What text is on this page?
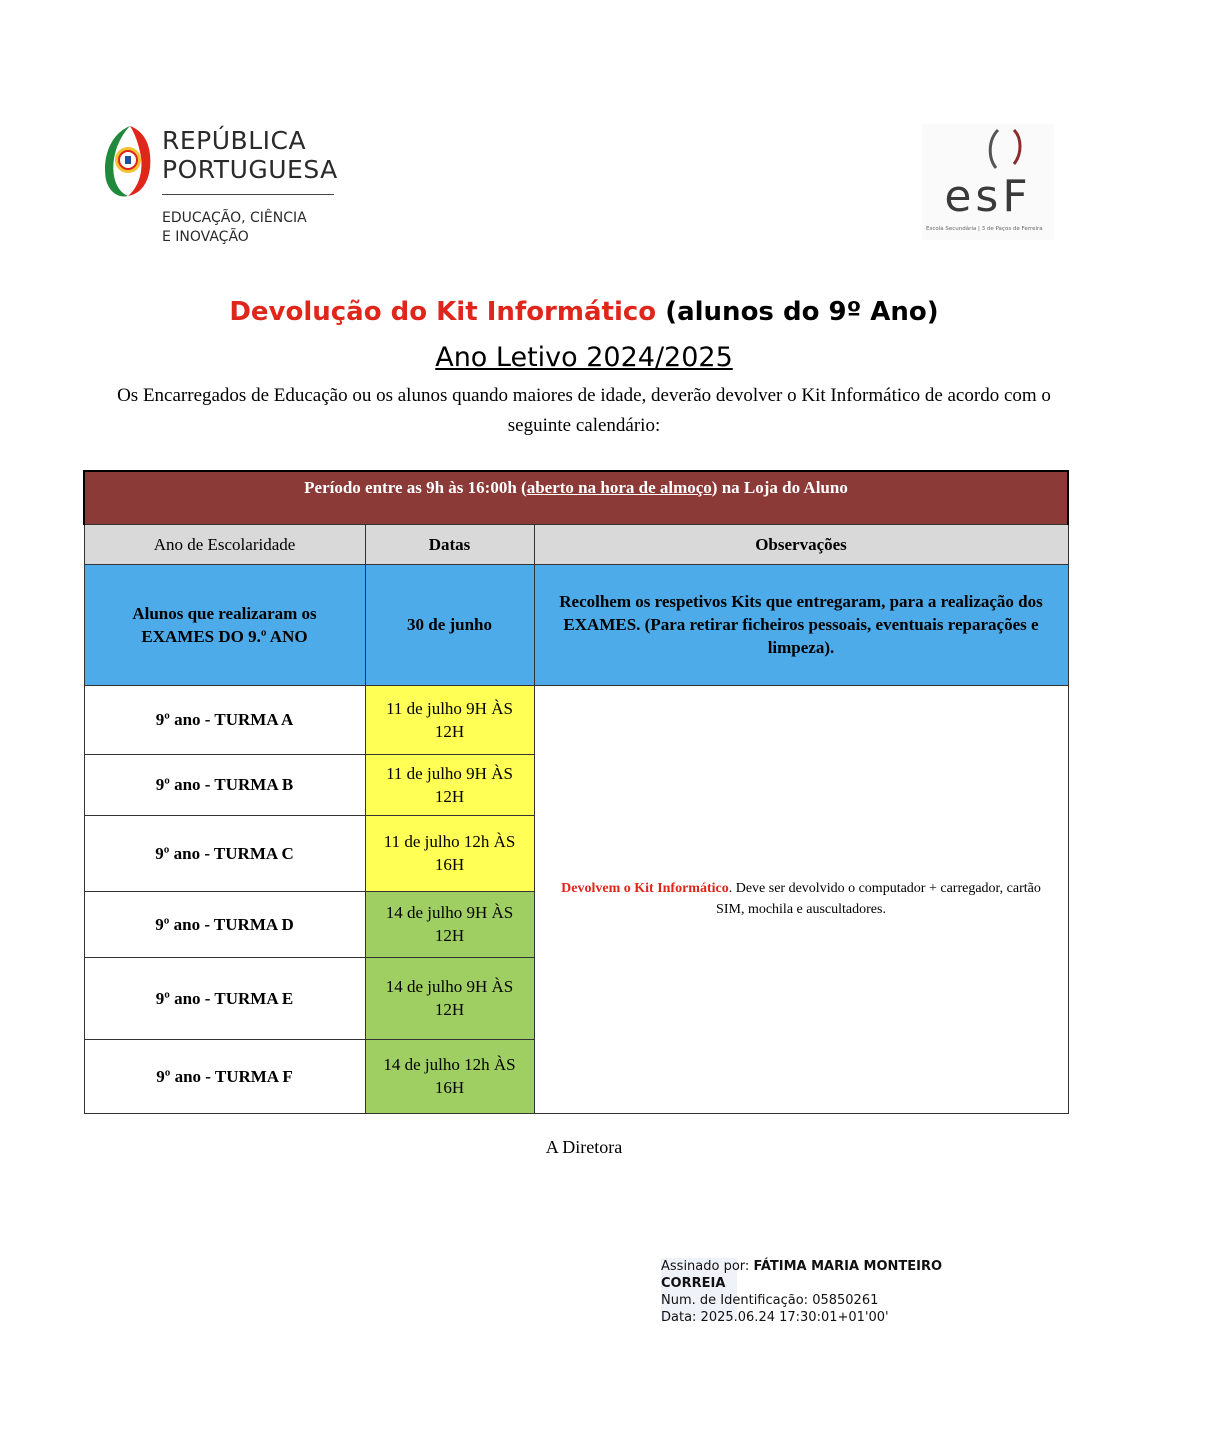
REPÚBLICA
PORTUGUESA
EDUCAÇÃO, CIÊNCIA
E INOVAÇÃO
esF
Escola Secundária | 3 de Paços de Ferreira
Devolução do Kit Informático (alunos do 9º Ano)
Ano Letivo 2024/2025
Os Encarregados de Educação ou os alunos quando maiores de idade, deverão devolver o Kit Informático de acordo com o seguinte calendário:
Período entre as 9h às 16:00h (aberto na hora de almoço) na Loja do Aluno		
Ano de Escolaridade	Datas	Observações
Alunos que realizaram os EXAMES DO 9.º ANO	30 de junho	Recolhem os respetivos Kits que entregaram, para a realização dos EXAMES. (Para retirar ficheiros pessoais, eventuais reparações e limpeza).
9º ano - TURMA A	11 de julho 9H ÀS 12H	Devolvem o Kit Informático. Deve ser devolvido o computador + carregador, cartão SIM, mochila e auscultadores.
9º ano - TURMA B	11 de julho 9H ÀS 12H	
9º ano - TURMA C	11 de julho 12h ÀS 16H	
9º ano - TURMA D	14 de julho 9H ÀS 12H	
9º ano - TURMA E	14 de julho 9H ÀS 12H	
9º ano - TURMA F	14 de julho 12h ÀS 16H	
A Diretora
Assinado por: FÁTIMA MARIA MONTEIRO CORREIA
Num. de Identificação: 05850261
Data: 2025.06.24 17:30:01+01'00'
